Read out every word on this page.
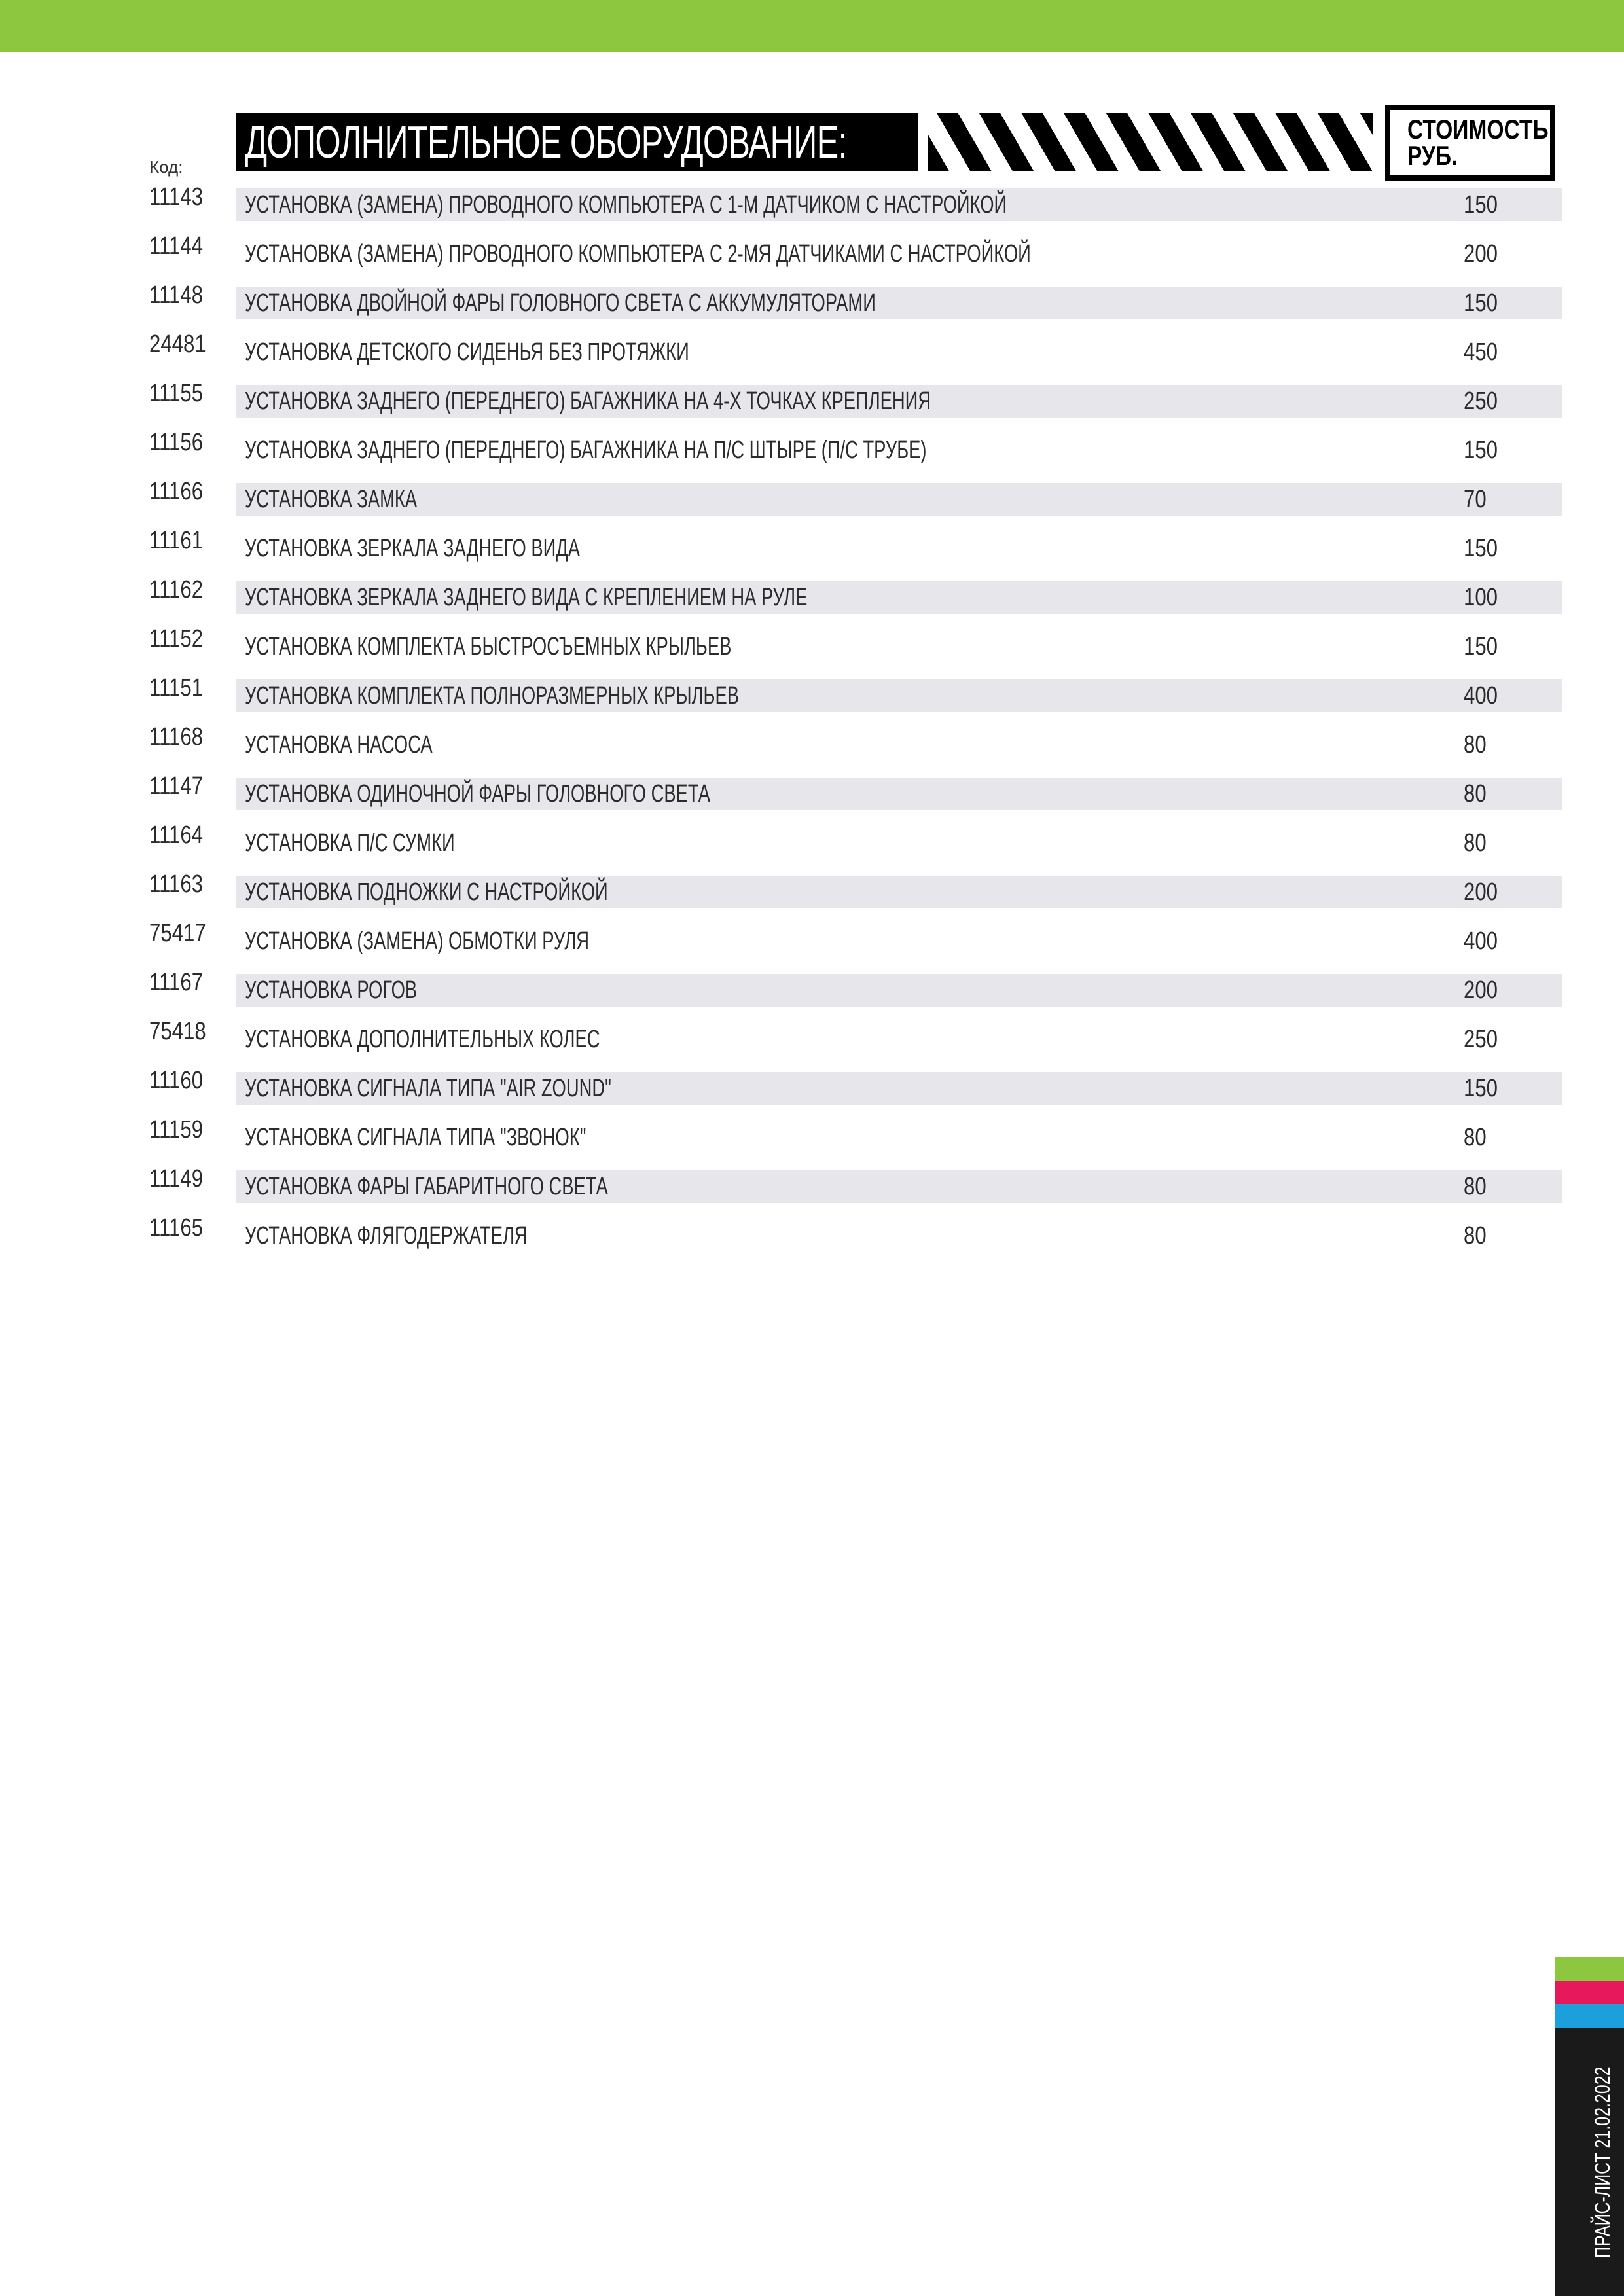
Код: ДОПОЛНИТЕЛЬНОЕ ОБОРУДОВАНИЕ:	СТОИМОСТЬ
РУБ.
11143 УСТАНОВКА (ЗАМЕНА) ПРОВОДНОГО КОМПЬЮТЕРА С 1-М ДАТЧИКОМ С НАСТРОЙКОЙ	150
11144 УСТАНОВКА (ЗАМЕНА) ПРОВОДНОГО КОМПЬЮТЕРА С 2-МЯ ДАТЧИКАМИ С НАСТРОЙКОЙ	200
11148 УСТАНОВКА ДВОЙНОЙ ФАРЫ ГОЛОВНОГО СВЕТА С АККУМУЛЯТОРАМИ	150
24481 УСТАНОВКА ДЕТСКОГО СИДЕНЬЯ БЕЗ ПРОТЯЖКИ	450
11155 УСТАНОВКА ЗАДНЕГО (ПЕРЕДНЕГО) БАГАЖНИКА НА 4-Х ТОЧКАХ КРЕПЛЕНИЯ	250
11156 УСТАНОВКА ЗАДНЕГО (ПЕРЕДНЕГО) БАГАЖНИКА НА П/С ШТЫРЕ (П/С ТРУБЕ)	150
11166 УСТАНОВКА ЗАМКА	70
11161 УСТАНОВКА ЗЕРКАЛА ЗАДНЕГО ВИДА	150
11162 УСТАНОВКА ЗЕРКАЛА ЗАДНЕГО ВИДА С КРЕПЛЕНИЕМ НА РУЛЕ	100
11152 УСТАНОВКА КОМПЛЕКТА БЫСТРОСЪЕМНЫХ КРЫЛЬЕВ	150
11151 УСТАНОВКА КОМПЛЕКТА ПОЛНОРАЗМЕРНЫХ КРЫЛЬЕВ	400
11168 УСТАНОВКА НАСОСА	80
11147 УСТАНОВКА ОДИНОЧНОЙ ФАРЫ ГОЛОВНОГО СВЕТА	80
11164 УСТАНОВКА П/С СУМКИ	80
11163 УСТАНОВКА ПОДНОЖКИ С НАСТРОЙКОЙ	200
75417 УСТАНОВКА (ЗАМЕНА) ОБМОТКИ РУЛЯ	400
11167 УСТАНОВКА РОГОВ	200
75418 УСТАНОВКА ДОПОЛНИТЕЛЬНЫХ КОЛЕС	250
11160 УСТАНОВКА СИГНАЛА ТИПА "AIR ZOUND"	150
11159 УСТАНОВКА СИГНАЛА ТИПА "ЗВОНОК"	80
11149 УСТАНОВКА ФАРЫ ГАБАРИТНОГО СВЕТА	80
11165 УСТАНОВКА ФЛЯГОДЕРЖАТЕЛЯ	80
ПРАЙС-ЛИСТ 21.02.2022
